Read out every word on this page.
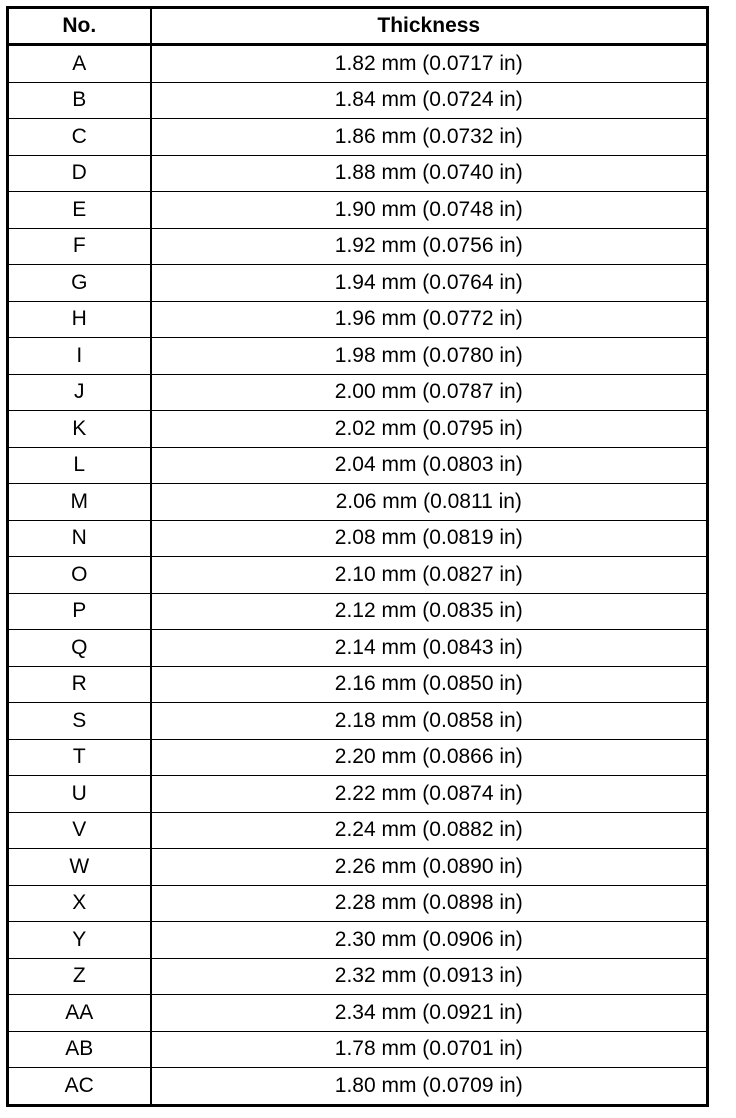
No.	Thickness
A	1.82 mm (0.0717 in)
B	1.84 mm (0.0724 in)
C	1.86 mm (0.0732 in)
D	1.88 mm (0.0740 in)
E	1.90 mm (0.0748 in)
F	1.92 mm (0.0756 in)
G	1.94 mm (0.0764 in)
H	1.96 mm (0.0772 in)
I	1.98 mm (0.0780 in)
J	2.00 mm (0.0787 in)
K	2.02 mm (0.0795 in)
L	2.04 mm (0.0803 in)
M	2.06 mm (0.0811 in)
N	2.08 mm (0.0819 in)
O	2.10 mm (0.0827 in)
P	2.12 mm (0.0835 in)
Q	2.14 mm (0.0843 in)
R	2.16 mm (0.0850 in)
S	2.18 mm (0.0858 in)
T	2.20 mm (0.0866 in)
U	2.22 mm (0.0874 in)
V	2.24 mm (0.0882 in)
W	2.26 mm (0.0890 in)
X	2.28 mm (0.0898 in)
Y	2.30 mm (0.0906 in)
Z	2.32 mm (0.0913 in)
AA	2.34 mm (0.0921 in)
AB	1.78 mm (0.0701 in)
AC	1.80 mm (0.0709 in)
